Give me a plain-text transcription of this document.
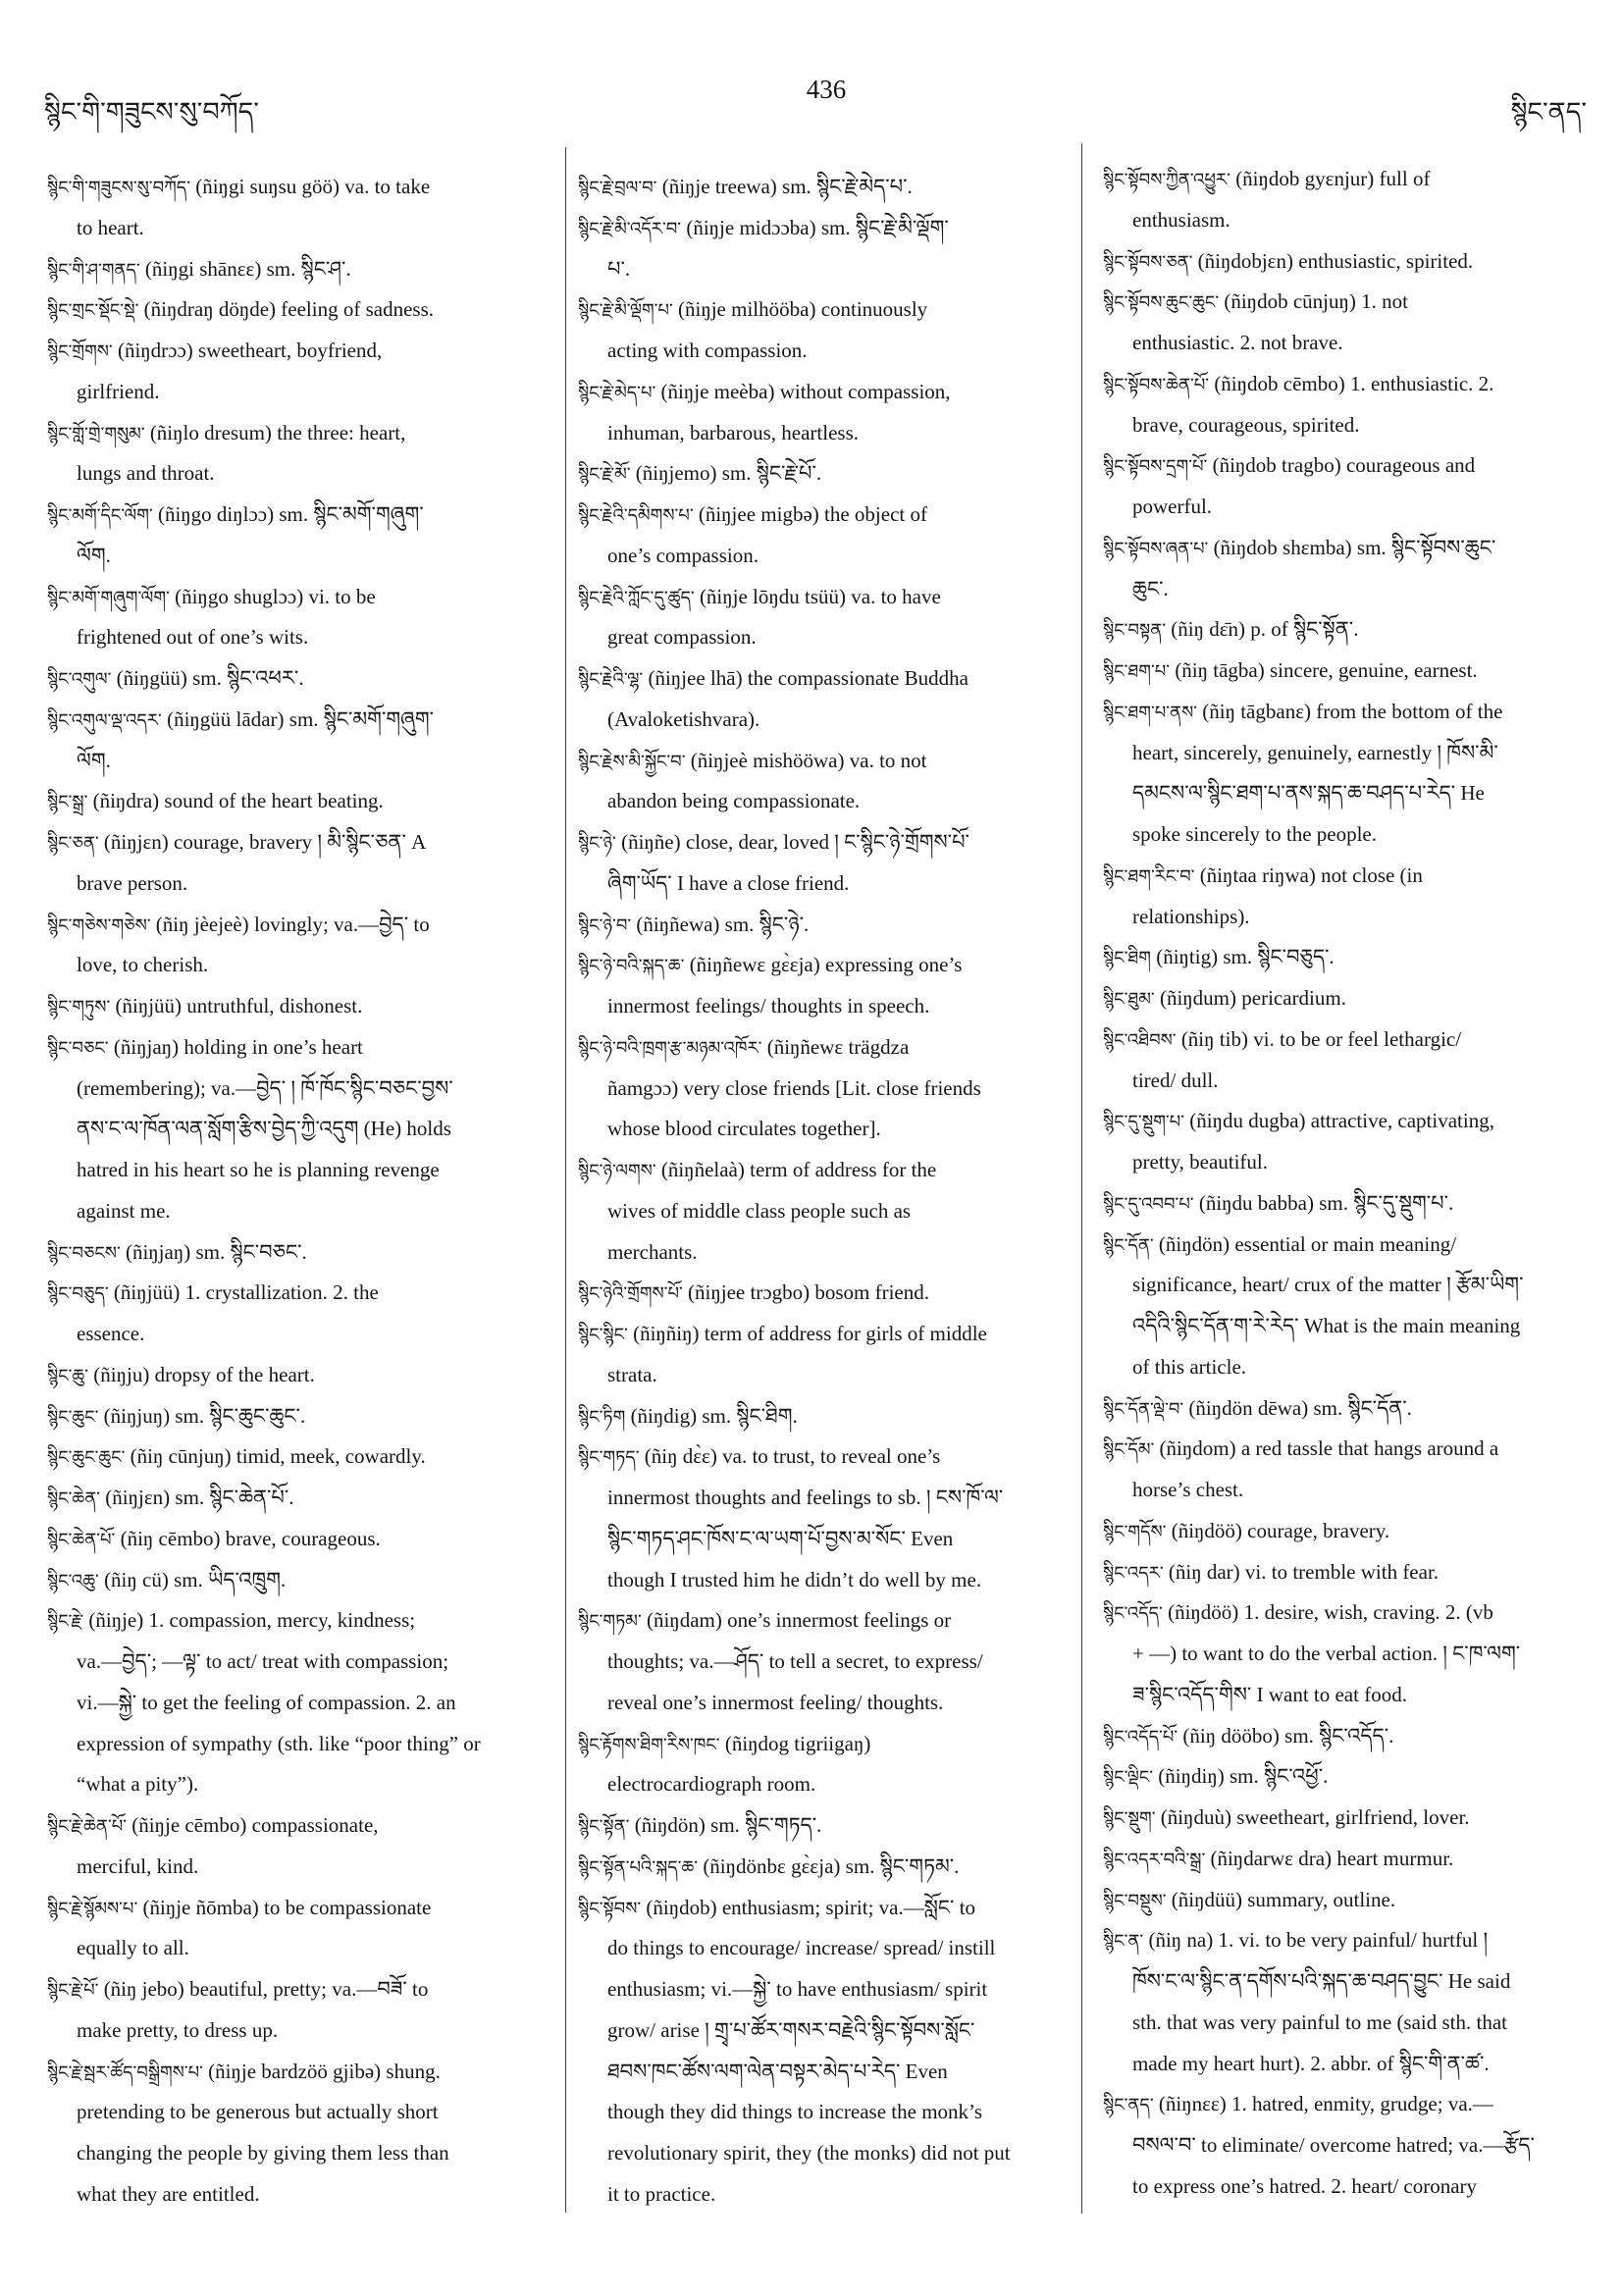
སྙིང་གི་གཟུངས་སུ་བཀོད་
436
སྙིང་ནད་
སྙིང་གི་གཟུངས་སུ་བཀོད་ (ñiŋgi suŋsu göö) va. to take
to heart.
སྙིང་གི་ཤ་གནད་ (ñiŋgi shānɛɛ) sm. སྙིང་ཤ་.
སྙིང་གྲང་སྡོང་སྡེ་ (ñiŋdraŋ döŋde) feeling of sadness.
སྙིང་གྲོགས་ (ñiŋdrɔɔ) sweetheart, boyfriend,
girlfriend.
སྙིང་གློ་གྲེ་གསུམ་ (ñiŋlo dresum) the three: heart,
lungs and throat.
སྙིང་མགོ་དིང་ལོག་ (ñiŋgo diŋlɔɔ) sm. སྙིང་མགོ་གཞུག་
ལོག.
སྙིང་མགོ་གཞུག་ལོག་ (ñiŋgo shuglɔɔ) vi. to be
frightened out of one’s wits.
སྙིང་འགུལ་ (ñiŋgüü) sm. སྙིང་འཕར་.
སྙིང་འགུལ་ལྡ་འདར་ (ñiŋgüü lādar) sm. སྙིང་མགོ་གཞུག་
ལོག.
སྙིང་སྒྲ་ (ñiŋdra) sound of the heart beating.
སྙིང་ཅན་ (ñiŋjɛn) courage, bravery ། མི་སྙིང་ཅན་ A
brave person.
སྙིང་གཅེས་གཅེས་ (ñiŋ jèejeè) lovingly; va.—བྱེད་ to
love, to cherish.
སྙིང་གཏུས་ (ñiŋjüü) untruthful, dishonest.
སྙིང་བཅང་ (ñiŋjaŋ) holding in one’s heart
(remembering); va.—བྱེད་ ། ཁོ་ཁོང་སྙིང་བཅང་བྱས་
ནས་ང་ལ་ཁོན་ལན་སློག་རྩིས་བྱེད་ཀྱི་འདུག (He) holds
hatred in his heart so he is planning revenge
against me.
སྙིང་བཅངས་ (ñiŋjaŋ) sm. སྙིང་བཅང་.
སྙིང་བཅུད་ (ñiŋjüü) 1. crystallization. 2. the
essence.
སྙིང་ཆུ་ (ñiŋju) dropsy of the heart.
སྙིང་ཆུང་ (ñiŋjuŋ) sm. སྙིང་ཆུང་ཆུང་.
སྙིང་ཆུང་ཆུང་ (ñiŋ cūnjuŋ) timid, meek, cowardly.
སྙིང་ཆེན་ (ñiŋjɛn) sm. སྙིང་ཆེན་པོ་.
སྙིང་ཆེན་པོ་ (ñiŋ cēmbo) brave, courageous.
སྙིང་འཆུ་ (ñiŋ cü) sm. ཡིད་འཁྲུག.
སྙིང་རྗེ་ (ñiŋje) 1. compassion, mercy, kindness;
va.—བྱེད་; —ལྟ་ to act/ treat with compassion;
vi.—སྐྱེ་ to get the feeling of compassion. 2. an
expression of sympathy (sth. like “poor thing” or
“what a pity”).
སྙིང་རྗེ་ཆེན་པོ་ (ñiŋje cēmbo) compassionate,
merciful, kind.
སྙིང་རྗེ་སྙོམས་པ་ (ñiŋje ñōmba) to be compassionate
equally to all.
སྙིང་རྗེ་པོ་ (ñiŋ jebo) beautiful, pretty; va.—བཟོ་ to
make pretty, to dress up.
སྙིང་རྗེ་སྦར་ཚོད་བསྒྲིགས་པ་ (ñiŋje bardzöö gjibə) shung.
pretending to be generous but actually short
changing the people by giving them less than
what they are entitled.
སྙིང་རྗེ་བྲལ་བ་ (ñiŋje treewa) sm. སྙིང་རྗེ་མེད་པ་.
སྙིང་རྗེ་མི་འདོར་བ་ (ñiŋje midɔɔba) sm. སྙིང་རྗེ་མི་ལྡོག་
པ་.
སྙིང་རྗེ་མི་ལྡོག་པ་ (ñiŋje milhööba) continuously
acting with compassion.
སྙིང་རྗེ་མེད་པ་ (ñiŋje meèba) without compassion,
inhuman, barbarous, heartless.
སྙིང་རྗེ་མོ་ (ñiŋjemo) sm. སྙིང་རྗེ་པོ་.
སྙིང་རྗེའི་དམིགས་པ་ (ñiŋjee migbə) the object of
one’s compassion.
སྙིང་རྗེའི་ཀློང་དུ་ཚུད་ (ñiŋje lōŋdu tsüü) va. to have
great compassion.
སྙིང་རྗེའི་ལྷ་ (ñiŋjee lhā) the compassionate Buddha
(Avaloketishvara).
སྙིང་རྗེས་མི་སྐྱོང་བ་ (ñiŋjeè mishööwa) va. to not
abandon being compassionate.
སྙིང་ཉེ་ (ñiŋñe) close, dear, loved ། ང་སྙིང་ཉེ་གྲོགས་པོ་
ཞིག་ཡོད་ I have a close friend.
སྙིང་ཉེ་བ་ (ñiŋñewa) sm. སྙིང་ཉེ་.
སྙིང་ཉེ་བའི་སྐད་ཆ་ (ñiŋñewɛ gɛ̀ɛja) expressing one’s
innermost feelings/ thoughts in speech.
སྙིང་ཉེ་བའི་ཁྲག་རྩ་མཉམ་འཁོར་ (ñiŋñewɛ trägdza
ñamgɔɔ) very close friends [Lit. close friends
whose blood circulates together].
སྙིང་ཉེ་ལགས་ (ñiŋñelaà) term of address for the
wives of middle class people such as
merchants.
སྙིང་ཉེའི་གྲོགས་པོ་ (ñiŋjee trɔgbo) bosom friend.
སྙིང་སྙིང་ (ñiŋñiŋ) term of address for girls of middle
strata.
སྙིང་ཏིག (ñiŋdig) sm. སྙིང་ཐིག.
སྙིང་གཏད་ (ñiŋ dɛ̀ɛ) va. to trust, to reveal one’s
innermost thoughts and feelings to sb. ། ངས་ཁོ་ལ་
སྙིང་གཏད་ཤང་ཁོས་ང་ལ་ཡག་པོ་བྱས་མ་སོང་ Even
though I trusted him he didn’t do well by me.
སྙིང་གཏམ་ (ñiŋdam) one’s innermost feelings or
thoughts; va.—ཤོད་ to tell a secret, to express/
reveal one’s innermost feeling/ thoughts.
སྙིང་རྟོགས་ཐིག་རིས་ཁང་ (ñiŋdog tigriigaŋ)
electrocardiograph room.
སྙིང་སྟོན་ (ñiŋdön) sm. སྙིང་གཏད་.
སྙིང་སྟོན་པའི་སྐད་ཆ་ (ñiŋdönbɛ gɛ̀ɛja) sm. སྙིང་གཏམ་.
སྙིང་སྟོབས་ (ñiŋdob) enthusiasm; spirit; va.—སློང་ to
do things to encourage/ increase/ spread/ instill
enthusiasm; vi.—སྐྱེ་ to have enthusiasm/ spirit
grow/ arise ། གྲྭ་པ་ཚོར་གསར་བརྗེའི་སྙིང་སྟོབས་སློང་
ཐབས་ཁང་ཚོས་ལག་ལེན་བསྟར་མེད་པ་རེད་ Even
though they did things to increase the monk’s
revolutionary spirit, they (the monks) did not put
it to practice.
སྙིང་སྟོབས་ཀྱིན་འཕྱུར་ (ñiŋdob gyɛnjur) full of
enthusiasm.
སྙིང་སྟོབས་ཅན་ (ñiŋdobjɛn) enthusiastic, spirited.
སྙིང་སྟོབས་ཆུང་ཆུང་ (ñiŋdob cūnjuŋ) 1. not
enthusiastic. 2. not brave.
སྙིང་སྟོབས་ཆེན་པོ་ (ñiŋdob cēmbo) 1. enthusiastic. 2.
brave, courageous, spirited.
སྙིང་སྟོབས་དྲག་པོ་ (ñiŋdob tragbo) courageous and
powerful.
སྙིང་སྟོབས་ཞན་པ་ (ñiŋdob shɛmba) sm. སྙིང་སྟོབས་ཆུང་
ཆུང་.
སྙིང་བསྟན་ (ñiŋ dɛ̄n) p. of སྙིང་སྟོན་.
སྙིང་ཐག་པ་ (ñiŋ tāgba) sincere, genuine, earnest.
སྙིང་ཐག་པ་ནས་ (ñiŋ tāgbanɛ) from the bottom of the
heart, sincerely, genuinely, earnestly ། ཁོས་མི་
དམངས་ལ་སྙིང་ཐག་པ་ནས་སྐད་ཆ་བཤད་པ་རེད་ He
spoke sincerely to the people.
སྙིང་ཐག་རིང་བ་ (ñiŋtaa riŋwa) not close (in
relationships).
སྙིང་ཐིག (ñiŋtig) sm. སྙིང་བཅུད་.
སྙིང་ཐུམ་ (ñiŋdum) pericardium.
སྙིང་འཐིབས་ (ñiŋ tib) vi. to be or feel lethargic/
tired/ dull.
སྙིང་དུ་སྡུག་པ་ (ñiŋdu dugba) attractive, captivating,
pretty, beautiful.
སྙིང་དུ་འབབ་པ་ (ñiŋdu babba) sm. སྙིང་དུ་སྡུག་པ་.
སྙིང་དོན་ (ñiŋdön) essential or main meaning/
significance, heart/ crux of the matter ། རྩོམ་ཡིག་
འདིའི་སྙིང་དོན་ག་རེ་རེད་ What is the main meaning
of this article.
སྙིང་དོན་ལྡེ་བ་ (ñiŋdön dēwa) sm. སྙིང་དོན་.
སྙིང་དོམ་ (ñiŋdom) a red tassle that hangs around a
horse’s chest.
སྙིང་གདོས་ (ñiŋdöö) courage, bravery.
སྙིང་འདར་ (ñiŋ dar) vi. to tremble with fear.
སྙིང་འདོད་ (ñiŋdöö) 1. desire, wish, craving. 2. (vb
+ —) to want to do the verbal action. ། ང་ཁ་ལག་
ཟ་སྙིང་འདོད་གིས་ I want to eat food.
སྙིང་འདོད་པོ་ (ñiŋ dööbo) sm. སྙིང་འདོད་.
སྙིང་ལྡིང་ (ñiŋdiŋ) sm. སྙིང་འཕྱོ་.
སྙིང་སྡུག་ (ñiŋduù) sweetheart, girlfriend, lover.
སྙིང་འདར་བའི་སྒྲ་ (ñiŋdarwɛ dra) heart murmur.
སྙིང་བསྡུས་ (ñiŋdüü) summary, outline.
སྙིང་ན་ (ñiŋ na) 1. vi. to be very painful/ hurtful །
ཁོས་ང་ལ་སྙིང་ན་དགོས་པའི་སྐད་ཆ་བཤད་བྱུང་ He said
sth. that was very painful to me (said sth. that
made my heart hurt). 2. abbr. of སྙིང་གི་ན་ཚ་.
སྙིང་ནད་ (ñiŋnɛɛ) 1. hatred, enmity, grudge; va.—
བསལ་བ་ to eliminate/ overcome hatred; va.—རྩོད་
to express one’s hatred. 2. heart/ coronary
